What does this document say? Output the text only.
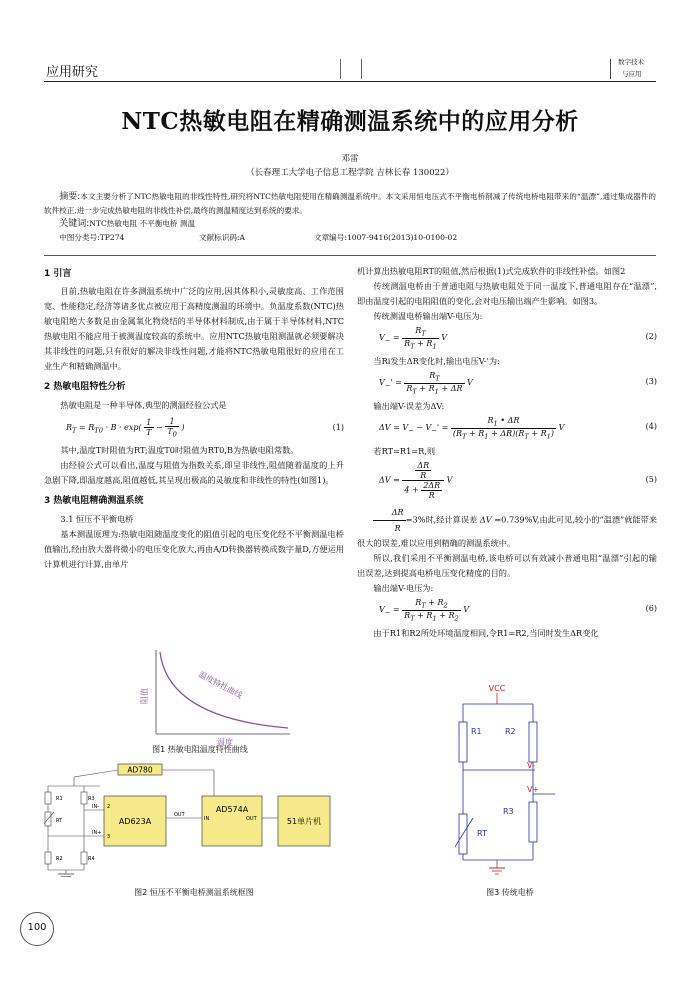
应用研究
数字技术
与应用
NTC热敏电阻在精确测温系统中的应用分析
邓雷
（长春理工大学电子信息工程学院 吉林长春 130022）
摘要:本文主要分析了NTC热敏电阻的非线性特性,研究将NTC热敏电阻使用在精确测温系统中。本文采用恒电压式不平衡电桥削减了传统电桥电阻带来的“温漂”,通过集成器件的软件校正,进一步完成热敏电阻的非线性补偿,最终的测温精度达到系统的要求。
关键词:NTC热敏电阻 不平衡电桥 测温
中图分类号:TP274	文献标识码:A	文章编号:1007-9416(2013)10-0100-02
1 引言

目前,热敏电阻在许多测温系统中广泛的应用,因其体积小,灵敏度高、工作范围宽、性能稳定,经济等诸多优点被应用于高精度测温的环境中。负温度系数(NTC)热敏电阻绝大多数是由金属氧化物烧结的半导体材料制成,由于属于半导体材料,NTC热敏电阻不能应用于被测温度较高的系统中。应用NTC热敏电阻测温就必须要解决其非线性的问题,只有很好的解决非线性问题,才能将NTC热敏电阻很好的应用在工业生产和精确测温中。

2 热敏电阻特性分析

热敏电阻是一种半导体,典型的测温经验公式是

$R_T = R_{T0} \cdot B \cdot \exp( \frac{1}{T} - \frac{1}{T_0}$ )	(1)

其中,温度T时阻值为RT;温度T0时阻值为RT0,B为热敏电阻常数。

由经验公式可以看出,温度与阻值为指数关系,即呈非线性,阻值随着温度的上升急剧下降,即温度越高,阻值越低,其呈现出极高的灵敏度和非线性的特性(如图1)。

3 热敏电阻精确测温系统

3.1 恒压不平衡电桥

基本测温原理为:热敏电阻随温度变化的阻值引起的电压变化经不平衡测温电桥值输出,经由放大器将微小的电压变化放大,再由A/D转换器转换成数字量D,方便运用计算机进行计算,由单片

阻值	温度特性曲线
温度
图1 热敏电阻温度特性曲线
AD780
R1	R3
RT
R2	R4
IN-
IN+
AD623A
2
3
OUT
AD574A
IN	OUT	51单片机
图2 恒压不平衡电桥测温系统框图

机计算出热敏电阻RT的阻值,然后根据(1)式完成软件的非线性补偿。如图2

传统测温电桥由于普通电阻与热敏电阻处于同一温度下,普通电阻存在“温漂”,即由温度引起的电阻阻值的变化,会对电压输出端产生影响。如图3。

传统测温电桥输出端V-电压为:

$V_- = \frac{R_T}{R_T + R_1}$ V	(2)

当Ri发生ΔR变化时,输出电压V-'为:

$V_-' = \frac{R_T}{R_T + R_1 + \Delta R}$ V	(3)

输出端V-误差为ΔV:

$\Delta V = V_- - V_-' = \frac{R_1 • \Delta R}{(R_T + R_1 + \Delta R)(R_T + R_1)}$ V	(4)

若RT=R1=R,则

$\Delta V = \frac{\frac{\Delta R}{R}}{4 + \frac{2\Delta R}{R}}$ V	(5)

$\frac{\Delta R}{R} =3\%$时,经计算误差 ΔV =0.739%V,由此可见,较小的“温漂”就能带来很大的误差,难以应用到精确的测温系统中。

所以,我们采用不平衡测温电桥,该电桥可以有效减小普通电阻“温漂”引起的输出误差,达到提高电桥电压变化精度的目的。

输出端V-电压为:

$V_- = \frac{R_T + R_2}{R_T + R_1 + R_2}$ V	(6)

由于R1和R2所处环境温度相同,令R1=R2,当同时发生ΔR变化

VCC
R1	R2
V-
V+
R3
RT
图3 传统电桥
100
